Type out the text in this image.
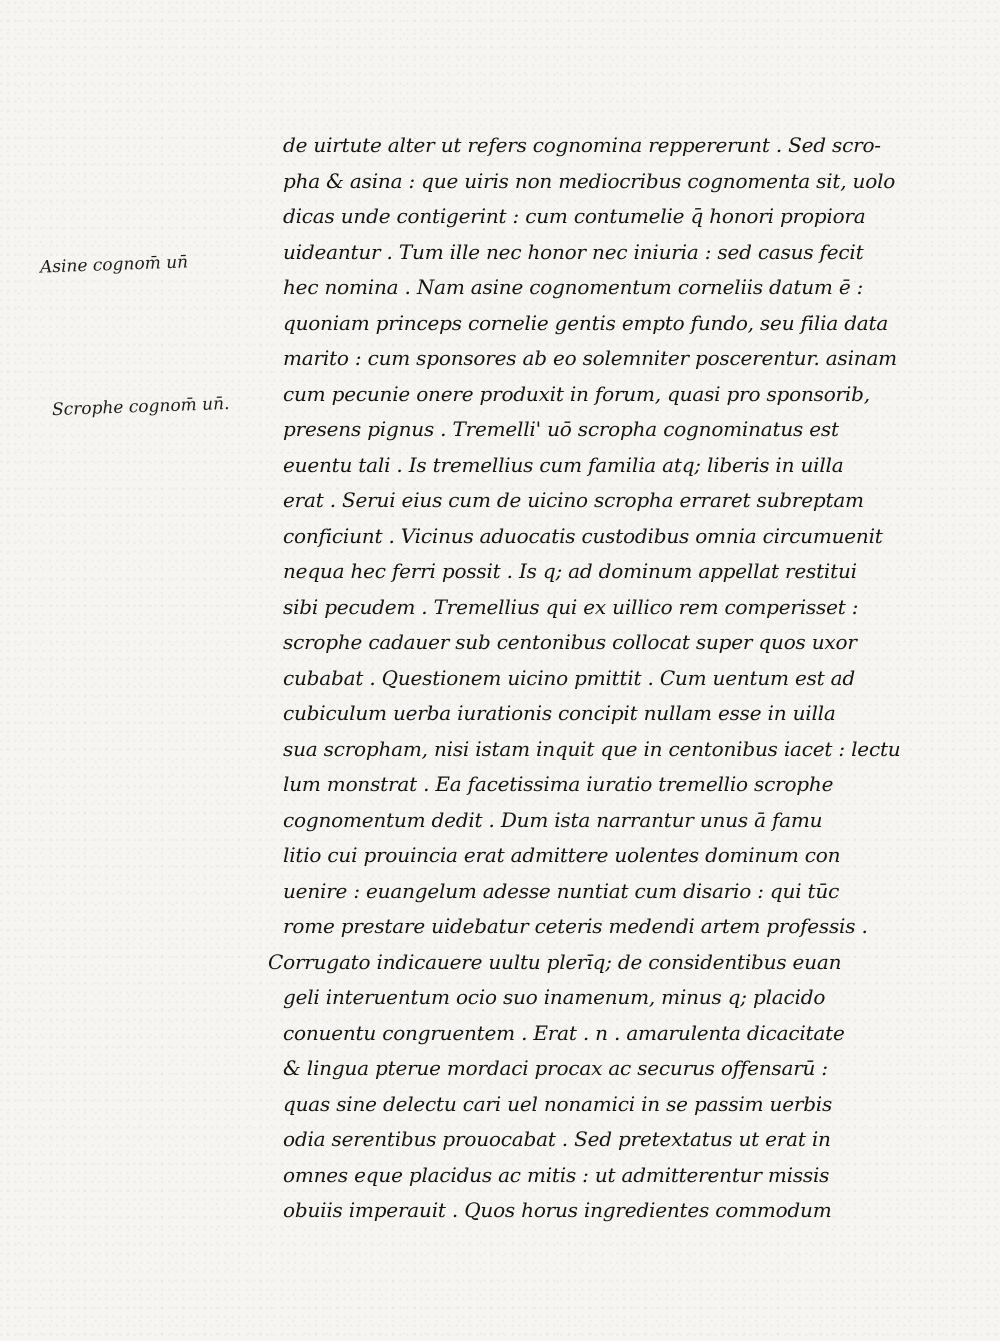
Asine cognom̄ un̄
Scrophe cognom̄ un̄.
de uirtute alter ut refers cognomina reppererunt . Sed scro-
pha & asina : que uiris non mediocribus cognomenta sit, uolo
dicas unde contigerint : cum contumelie q̄ honori propiora
uideantur . Tum ille nec honor nec iniuria : sed casus fecit
hec nomina . Nam asine cognomentum corneliis datum ē :
quoniam princeps cornelie gentis empto fundo, seu filia data
marito : cum sponsores ab eo solemniter poscerentur. asinam
cum pecunie onere produxit in forum, quasi pro sponsorib,
presens pignus . Tremelli' uō scropha cognominatus est
euentu tali . Is tremellius cum familia atq; liberis in uilla
erat . Serui eius cum de uicino scropha erraret subreptam
conficiunt . Vicinus aduocatis custodibus omnia circumuenit
nequa hec ferri possit . Is q; ad dominum appellat restitui
sibi pecudem . Tremellius qui ex uillico rem comperisset :
scrophe cadauer sub centonibus collocat super quos uxor
cubabat . Questionem uicino pmittit . Cum uentum est ad
cubiculum uerba iurationis concipit nullam esse in uilla
sua scropham, nisi istam inquit que in centonibus iacet : lectu
lum monstrat . Ea facetissima iuratio tremellio scrophe
cognomentum dedit . Dum ista narrantur unus ā famu
litio cui prouincia erat admittere uolentes dominum con
uenire : euangelum adesse nuntiat cum disario : qui tūc
rome prestare uidebatur ceteris medendi artem professis .
Corrugato indicauere uultu plerīq; de considentibus euan
geli interuentum ocio suo inamenum, minus q; placido
conuentu congruentem . Erat . n . amarulenta dicacitate
& lingua pterue mordaci procax ac securus offensarū :
quas sine delectu cari uel nonamici in se passim uerbis
odia serentibus prouocabat . Sed pretextatus ut erat in
omnes eque placidus ac mitis : ut admitterentur missis
obuiis imperauit . Quos horus ingredientes commodum
